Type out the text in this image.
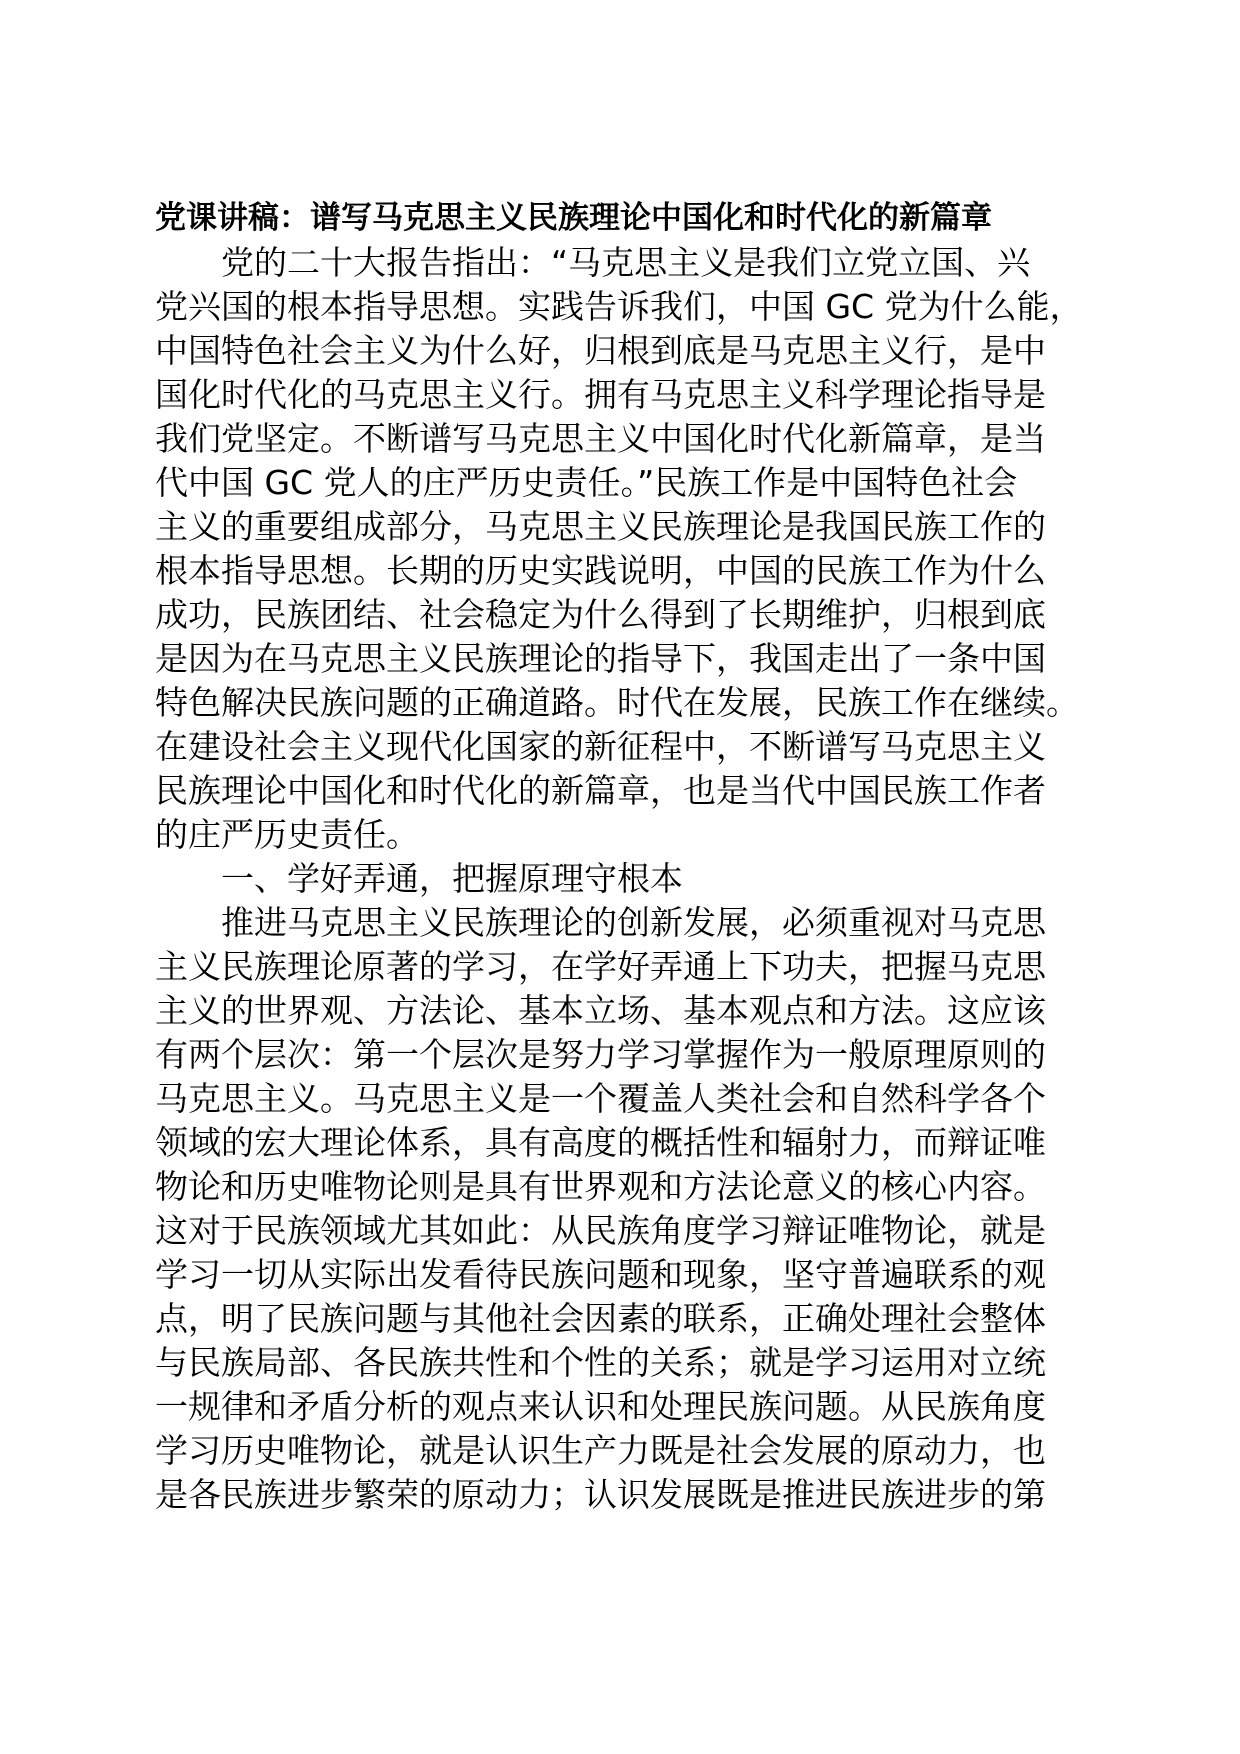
党课讲稿：谱写马克思主义民族理论中国化和时代化的新篇章
党的二十大报告指出：“马克思主义是我们立党立国、兴
党兴国的根本指导思想。实践告诉我们，中国 GC 党为什么能，
中国特色社会主义为什么好，归根到底是马克思主义行，是中
国化时代化的马克思主义行。拥有马克思主义科学理论指导是
我们党坚定。不断谱写马克思主义中国化时代化新篇章，是当
代中国 GC 党人的庄严历史责任。”民族工作是中国特色社会
主义的重要组成部分，马克思主义民族理论是我国民族工作的
根本指导思想。长期的历史实践说明，中国的民族工作为什么
成功，民族团结、社会稳定为什么得到了长期维护，归根到底
是因为在马克思主义民族理论的指导下，我国走出了一条中国
特色解决民族问题的正确道路。时代在发展，民族工作在继续。
在建设社会主义现代化国家的新征程中，不断谱写马克思主义
民族理论中国化和时代化的新篇章，也是当代中国民族工作者
的庄严历史责任。
一、学好弄通，把握原理守根本
推进马克思主义民族理论的创新发展，必须重视对马克思
主义民族理论原著的学习，在学好弄通上下功夫，把握马克思
主义的世界观、方法论、基本立场、基本观点和方法。这应该
有两个层次：第一个层次是努力学习掌握作为一般原理原则的
马克思主义。马克思主义是一个覆盖人类社会和自然科学各个
领域的宏大理论体系，具有高度的概括性和辐射力，而辩证唯
物论和历史唯物论则是具有世界观和方法论意义的核心内容。
这对于民族领域尤其如此：从民族角度学习辩证唯物论，就是
学习一切从实际出发看待民族问题和现象，坚守普遍联系的观
点，明了民族问题与其他社会因素的联系，正确处理社会整体
与民族局部、各民族共性和个性的关系；就是学习运用对立统
一规律和矛盾分析的观点来认识和处理民族问题。从民族角度
学习历史唯物论，就是认识生产力既是社会发展的原动力，也
是各民族进步繁荣的原动力；认识发展既是推进民族进步的第
